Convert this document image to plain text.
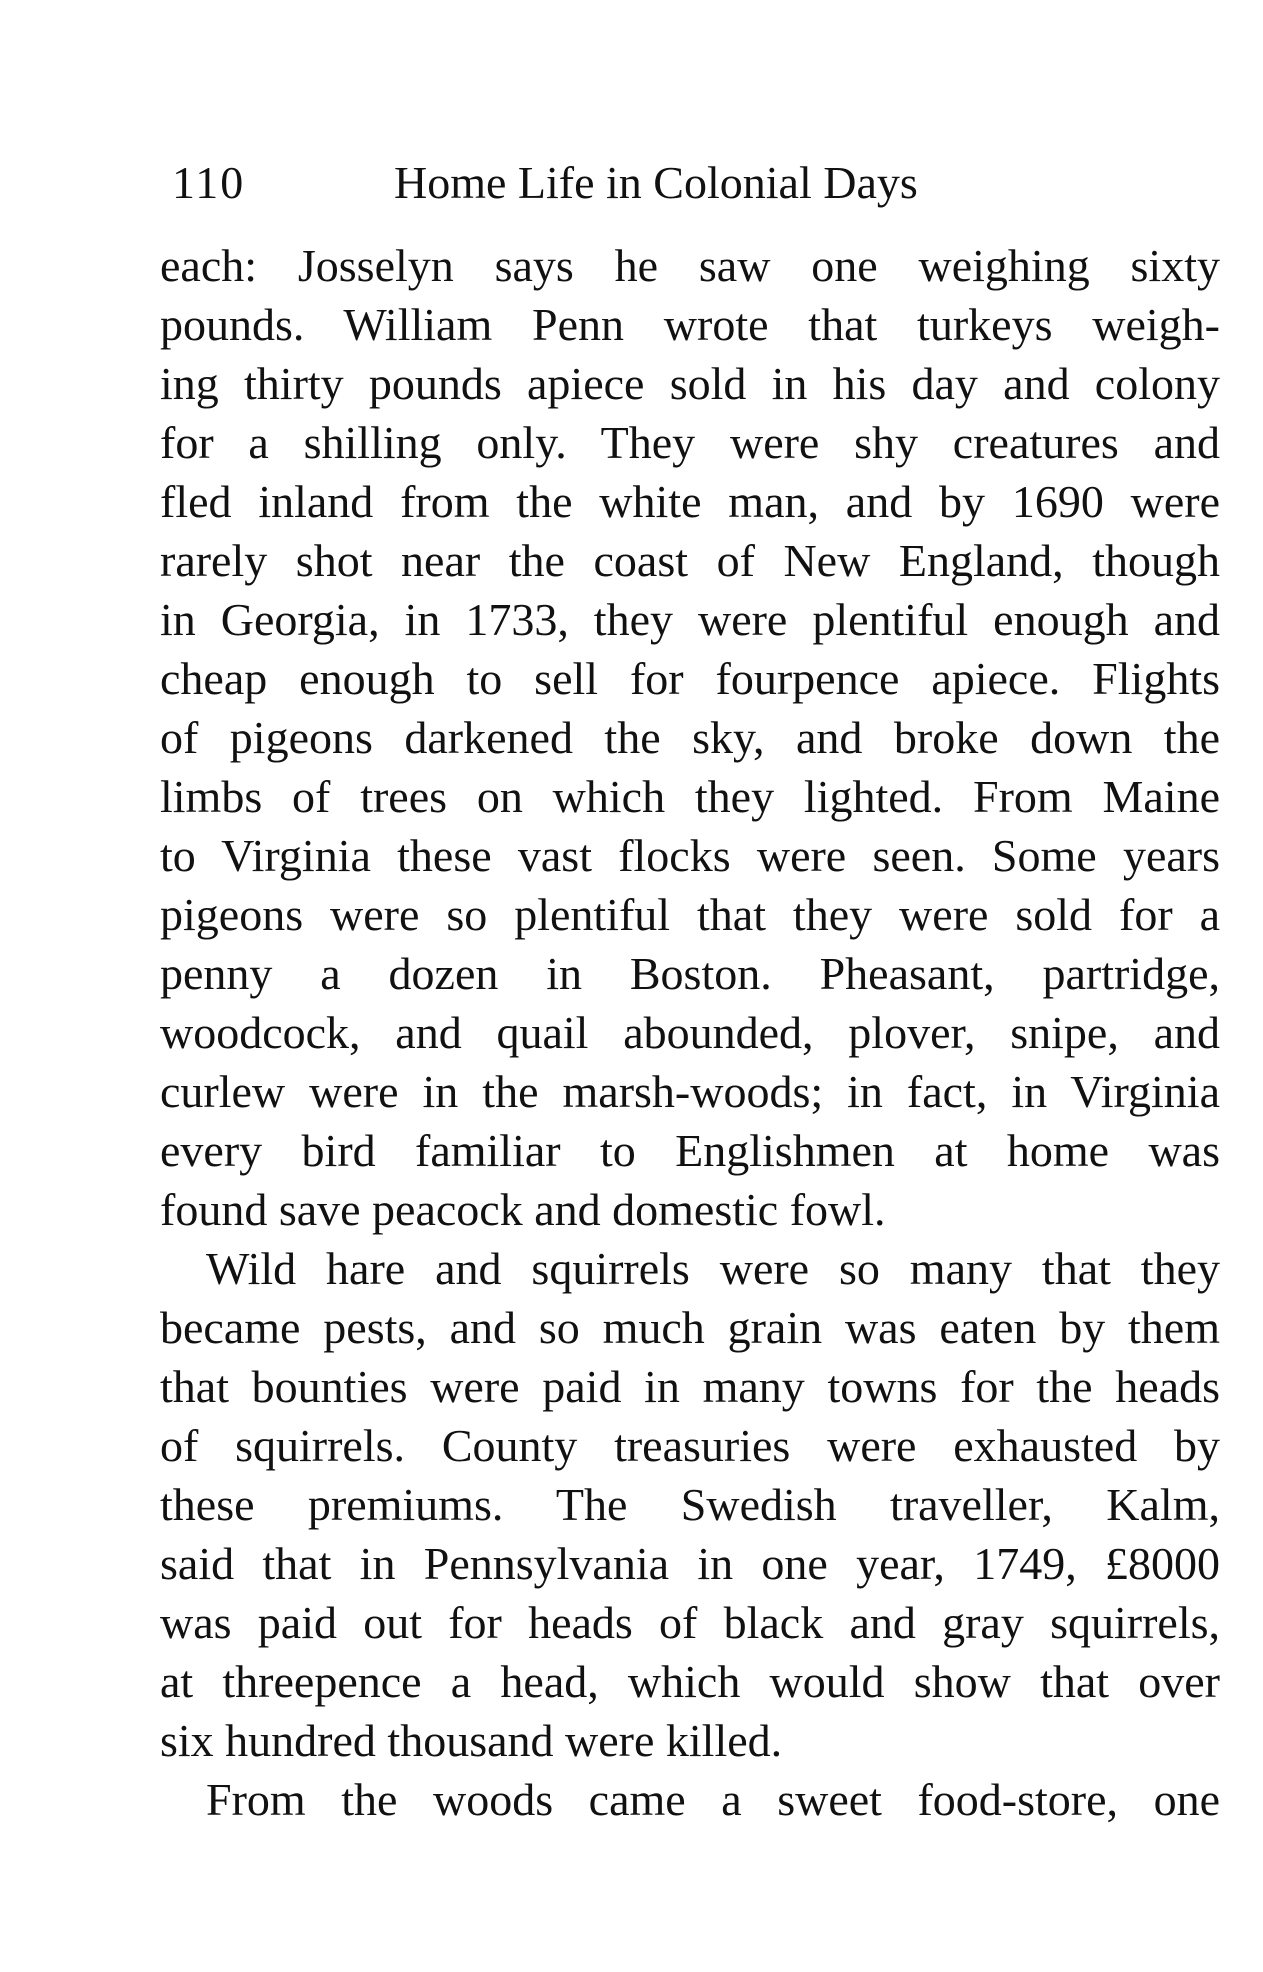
110	Home Life in Colonial Days
each: Josselyn says he saw one weighing sixty
pounds. William Penn wrote that turkeys weigh-
ing thirty pounds apiece sold in his day and colony
for a shilling only. They were shy creatures and
fled inland from the white man, and by 1690 were
rarely shot near the coast of New England, though
in Georgia, in 1733, they were plentiful enough and
cheap enough to sell for fourpence apiece. Flights
of pigeons darkened the sky, and broke down the
limbs of trees on which they lighted. From Maine
to Virginia these vast flocks were seen. Some years
pigeons were so plentiful that they were sold for a
penny a dozen in Boston. Pheasant, partridge,
woodcock, and quail abounded, plover, snipe, and
curlew were in the marsh-woods; in fact, in Virginia
every bird familiar to Englishmen at home was
found save peacock and domestic fowl.
Wild hare and squirrels were so many that they
became pests, and so much grain was eaten by them
that bounties were paid in many towns for the heads
of squirrels. County treasuries were exhausted by
these premiums. The Swedish traveller, Kalm,
said that in Pennsylvania in one year, 1749, £8000
was paid out for heads of black and gray squirrels,
at threepence a head, which would show that over
six hundred thousand were killed.
From the woods came a sweet food-store, one
